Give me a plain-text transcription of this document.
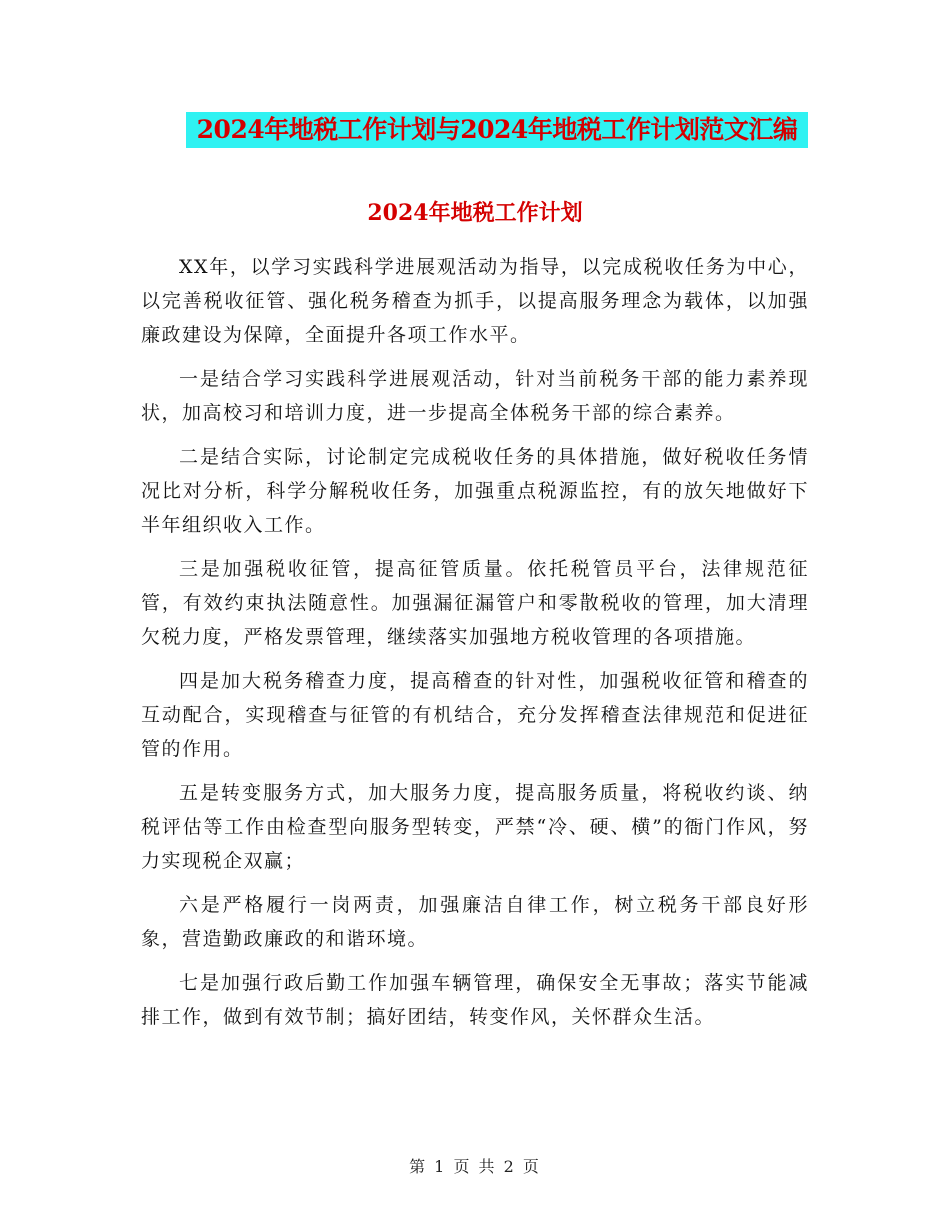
2024年地税工作计划与2024年地税工作计划范文汇编
2024年地税工作计划

XX年，以学习实践科学进展观活动为指导，以完成税收任务为中心，以完善税收征管、强化税务稽查为抓手，以提高服务理念为载体，以加强廉政建设为保障，全面提升各项工作水平。

一是结合学习实践科学进展观活动，针对当前税务干部的能力素养现状，加高校习和培训力度，进一步提高全体税务干部的综合素养。

二是结合实际，讨论制定完成税收任务的具体措施，做好税收任务情况比对分析，科学分解税收任务，加强重点税源监控，有的放矢地做好下半年组织收入工作。

三是加强税收征管，提高征管质量。依托税管员平台，法律规范征管，有效约束执法随意性。加强漏征漏管户和零散税收的管理，加大清理欠税力度，严格发票管理，继续落实加强地方税收管理的各项措施。

四是加大税务稽查力度，提高稽查的针对性，加强税收征管和稽查的互动配合，实现稽查与征管的有机结合，充分发挥稽查法律规范和促进征管的作用。

五是转变服务方式，加大服务力度，提高服务质量，将税收约谈、纳税评估等工作由检查型向服务型转变，严禁“冷、硬、横”的衙门作风，努力实现税企双赢；

六是严格履行一岗两责，加强廉洁自律工作，树立税务干部良好形象，营造勤政廉政的和谐环境。

七是加强行政后勤工作加强车辆管理，确保安全无事故；落实节能减排工作，做到有效节制；搞好团结，转变作风，关怀群众生活。

第 1 页 共 2 页
